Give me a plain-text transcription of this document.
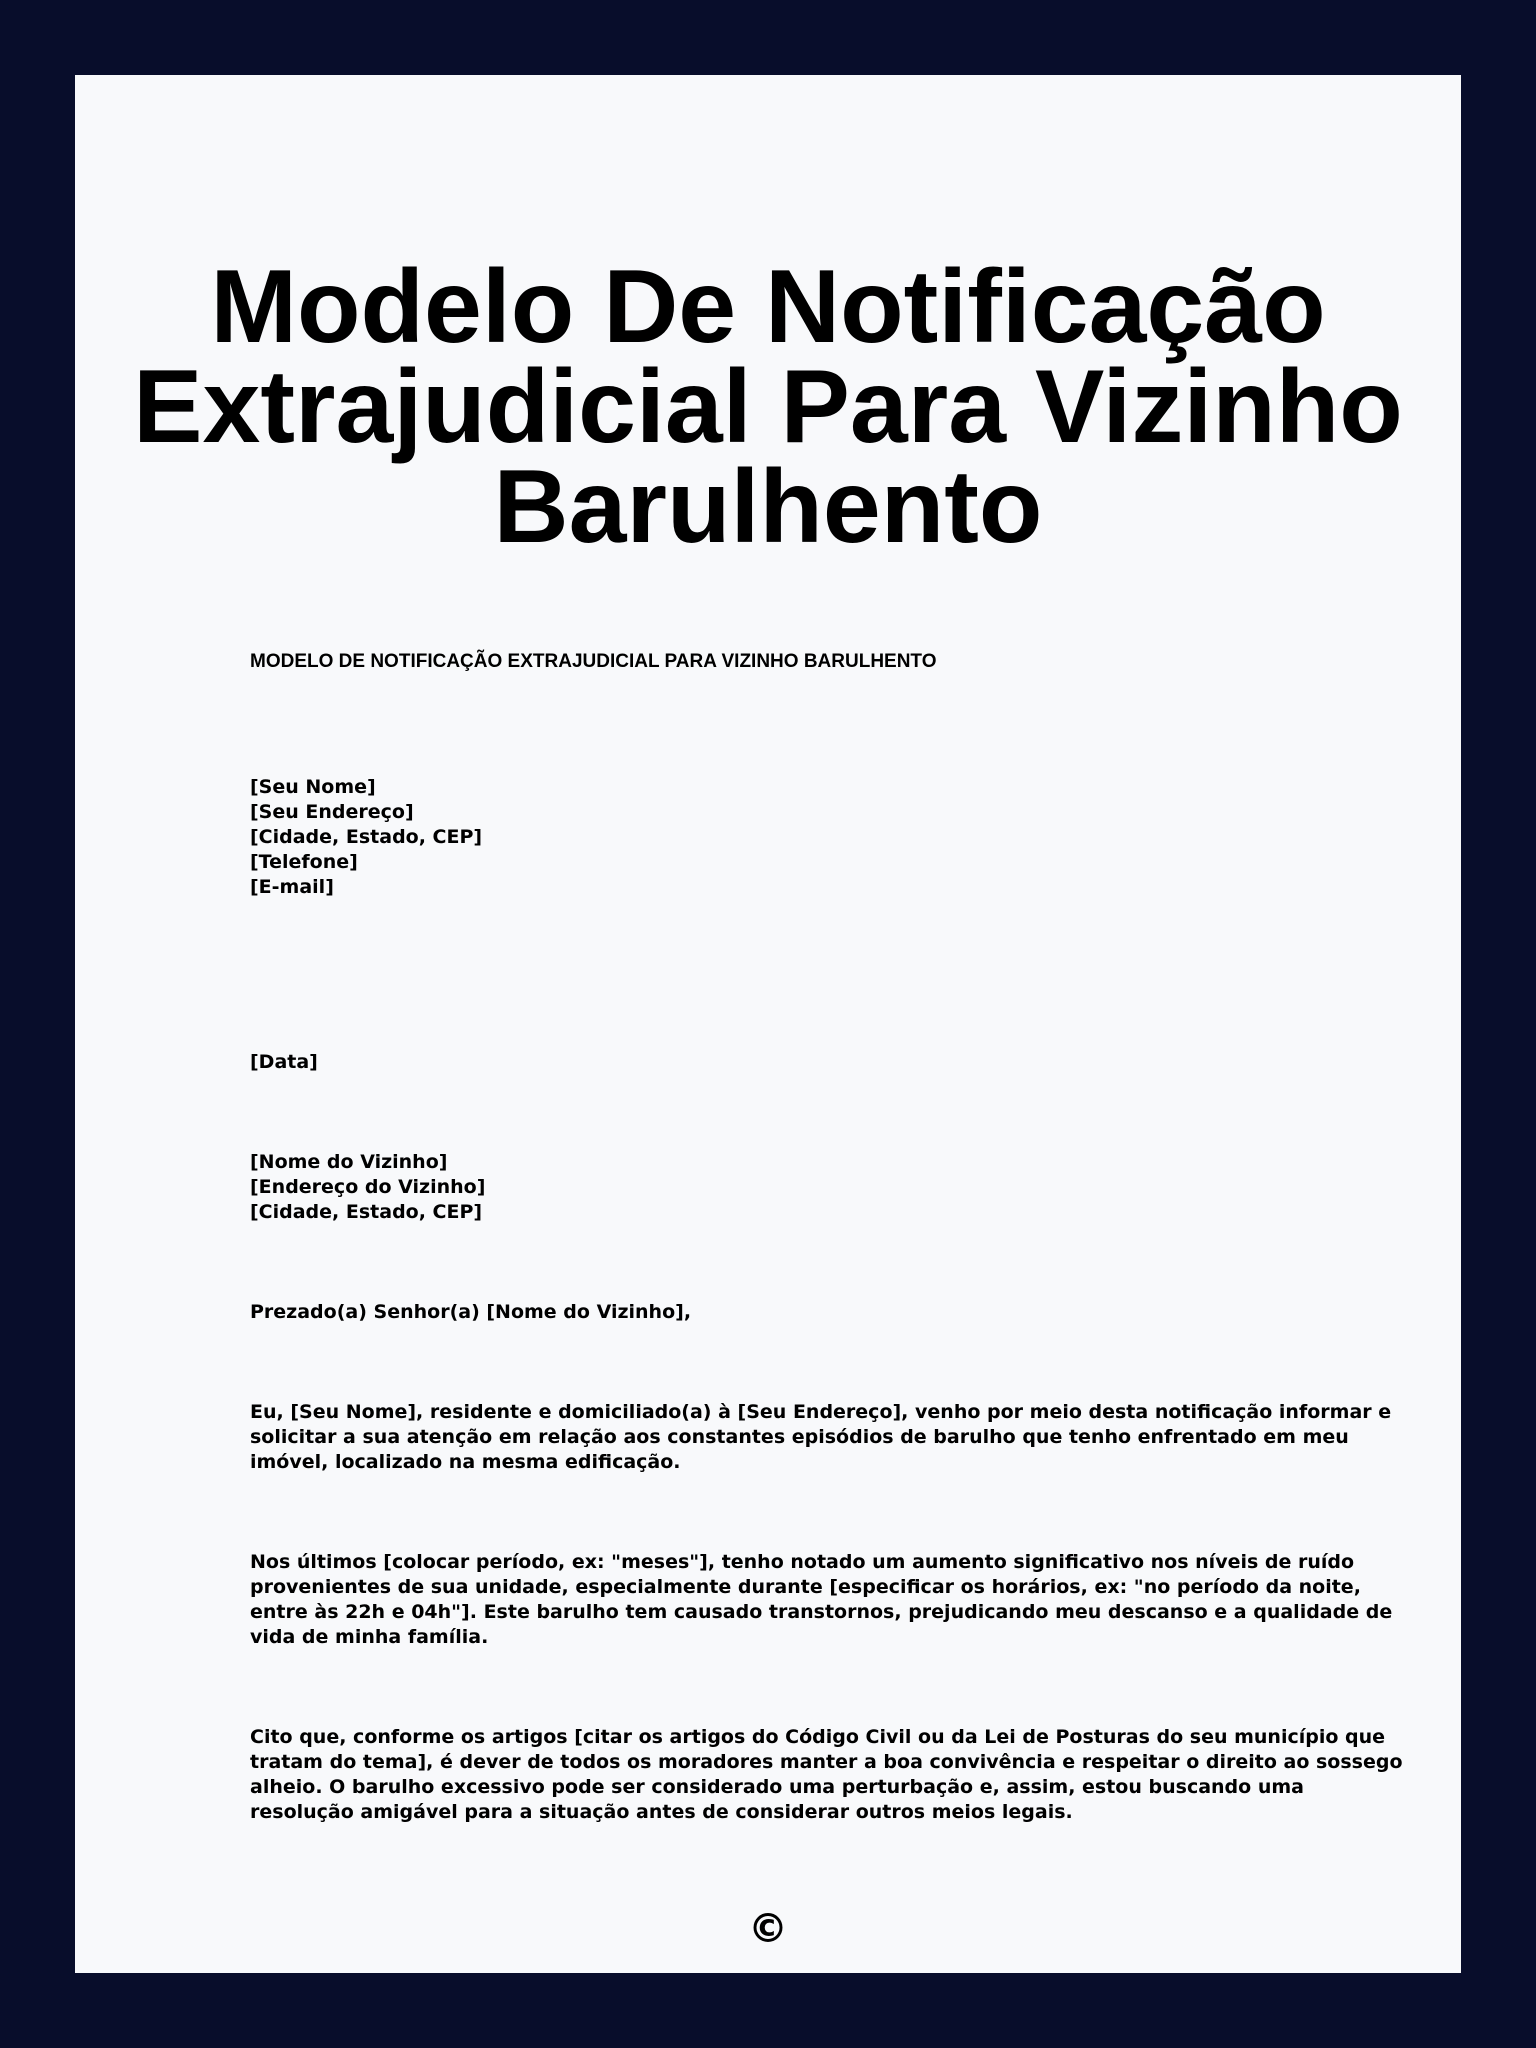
Modelo De Notificação
Extrajudicial Para Vizinho
Barulhento
MODELO DE NOTIFICAÇÃO EXTRAJUDICIAL PARA VIZINHO BARULHENTO
[Seu Nome]
[Seu Endereço]
[Cidade, Estado, CEP]
[Telefone]
[E-mail]
[Data]
[Nome do Vizinho]
[Endereço do Vizinho]
[Cidade, Estado, CEP]
Prezado(a) Senhor(a) [Nome do Vizinho],
Eu, [Seu Nome], residente e domiciliado(a) à [Seu Endereço], venho por meio desta notificação informar e
solicitar a sua atenção em relação aos constantes episódios de barulho que tenho enfrentado em meu
imóvel, localizado na mesma edificação.
Nos últimos [colocar período, ex: "meses"], tenho notado um aumento significativo nos níveis de ruído
provenientes de sua unidade, especialmente durante [especificar os horários, ex: "no período da noite,
entre às 22h e 04h"]. Este barulho tem causado transtornos, prejudicando meu descanso e a qualidade de
vida de minha família.
Cito que, conforme os artigos [citar os artigos do Código Civil ou da Lei de Posturas do seu município que
tratam do tema], é dever de todos os moradores manter a boa convivência e respeitar o direito ao sossego
alheio. O barulho excessivo pode ser considerado uma perturbação e, assim, estou buscando uma
resolução amigável para a situação antes de considerar outros meios legais.
©
